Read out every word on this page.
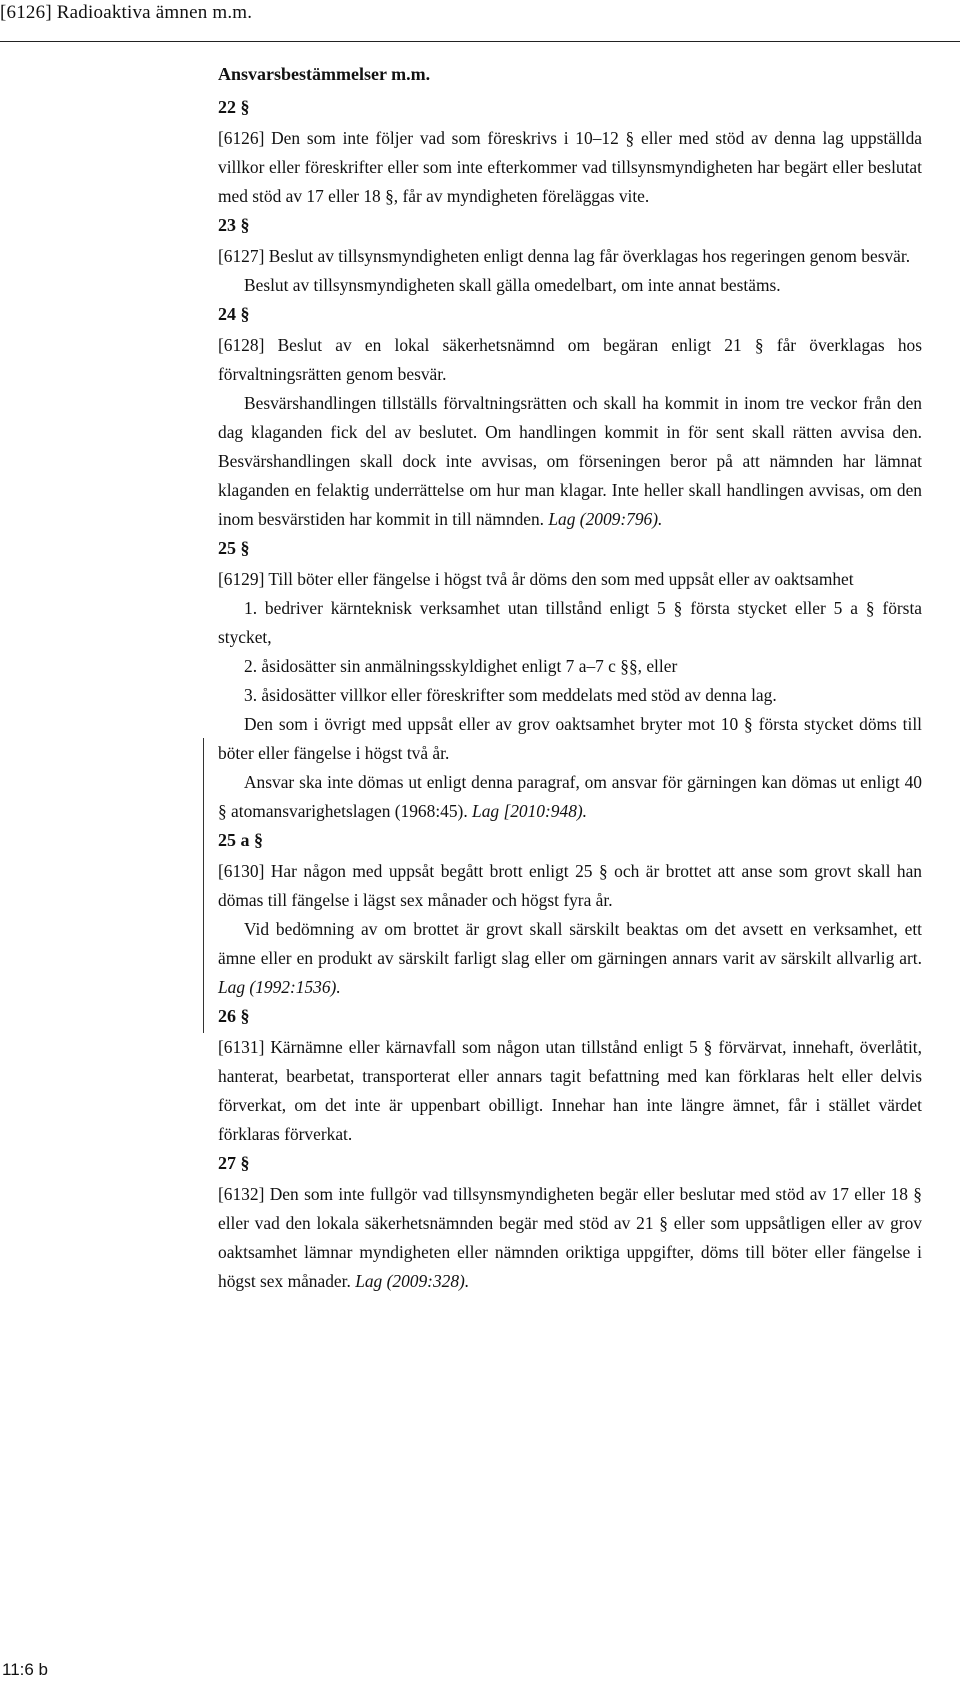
[6126] Radioaktiva ämnen m.m.
Ansvarsbestämmelser m.m.
22 §

[6126] Den som inte följer vad som föreskrivs i 10–12 § eller med stöd av denna lag uppställda villkor eller föreskrifter eller som inte efterkommer vad tillsynsmyndigheten har begärt eller beslutat med stöd av 17 eller 18 §, får av myndigheten föreläggas vite.

23 §

[6127] Beslut av tillsynsmyndigheten enligt denna lag får överklagas hos regeringen genom besvär.

Beslut av tillsynsmyndigheten skall gälla omedelbart, om inte annat bestäms.

24 §

[6128] Beslut av en lokal säkerhetsnämnd om begäran enligt 21 § får överklagas hos förvaltningsrätten genom besvär.

Besvärshandlingen tillställs förvaltningsrätten och skall ha kommit in inom tre veckor från den dag klaganden fick del av beslutet. Om handlingen kommit in för sent skall rätten avvisa den. Besvärshandlingen skall dock inte avvisas, om förseningen beror på att nämnden har lämnat klaganden en felaktig underrättelse om hur man klagar. Inte heller skall handlingen avvisas, om den inom besvärstiden har kommit in till nämnden. Lag (2009:796).

25 §

[6129] Till böter eller fängelse i högst två år döms den som med uppsåt eller av oaktsamhet

1. bedriver kärnteknisk verksamhet utan tillstånd enligt 5 § första stycket eller 5 a § första stycket,

2. åsidosätter sin anmälningsskyldighet enligt 7 a–7 c §§, eller

3. åsidosätter villkor eller föreskrifter som meddelats med stöd av denna lag.

Den som i övrigt med uppsåt eller av grov oaktsamhet bryter mot 10 § första stycket döms till böter eller fängelse i högst två år.

Ansvar ska inte dömas ut enligt denna paragraf, om ansvar för gärningen kan dömas ut enligt 40 § atomansvarighetslagen (1968:45). Lag [2010:948).

25 a §

[6130] Har någon med uppsåt begått brott enligt 25 § och är brottet att anse som grovt skall han dömas till fängelse i lägst sex månader och högst fyra år.

Vid bedömning av om brottet är grovt skall särskilt beaktas om det avsett en verksamhet, ett ämne eller en produkt av särskilt farligt slag eller om gärningen annars varit av särskilt allvarlig art. Lag (1992:1536).

26 §

[6131] Kärnämne eller kärnavfall som någon utan tillstånd enligt 5 § förvärvat, innehaft, överlåtit, hanterat, bearbetat, transporterat eller annars tagit befattning med kan förklaras helt eller delvis förverkat, om det inte är uppenbart obilligt. Innehar han inte längre ämnet, får i stället värdet förklaras förverkat.

27 §

[6132] Den som inte fullgör vad tillsynsmyndigheten begär eller beslutar med stöd av 17 eller 18 § eller vad den lokala säkerhetsnämnden begär med stöd av 21 § eller som uppsåtligen eller av grov oaktsamhet lämnar myndigheten eller nämnden oriktiga uppgifter, döms till böter eller fängelse i högst sex månader. Lag (2009:328).

11:6 b
